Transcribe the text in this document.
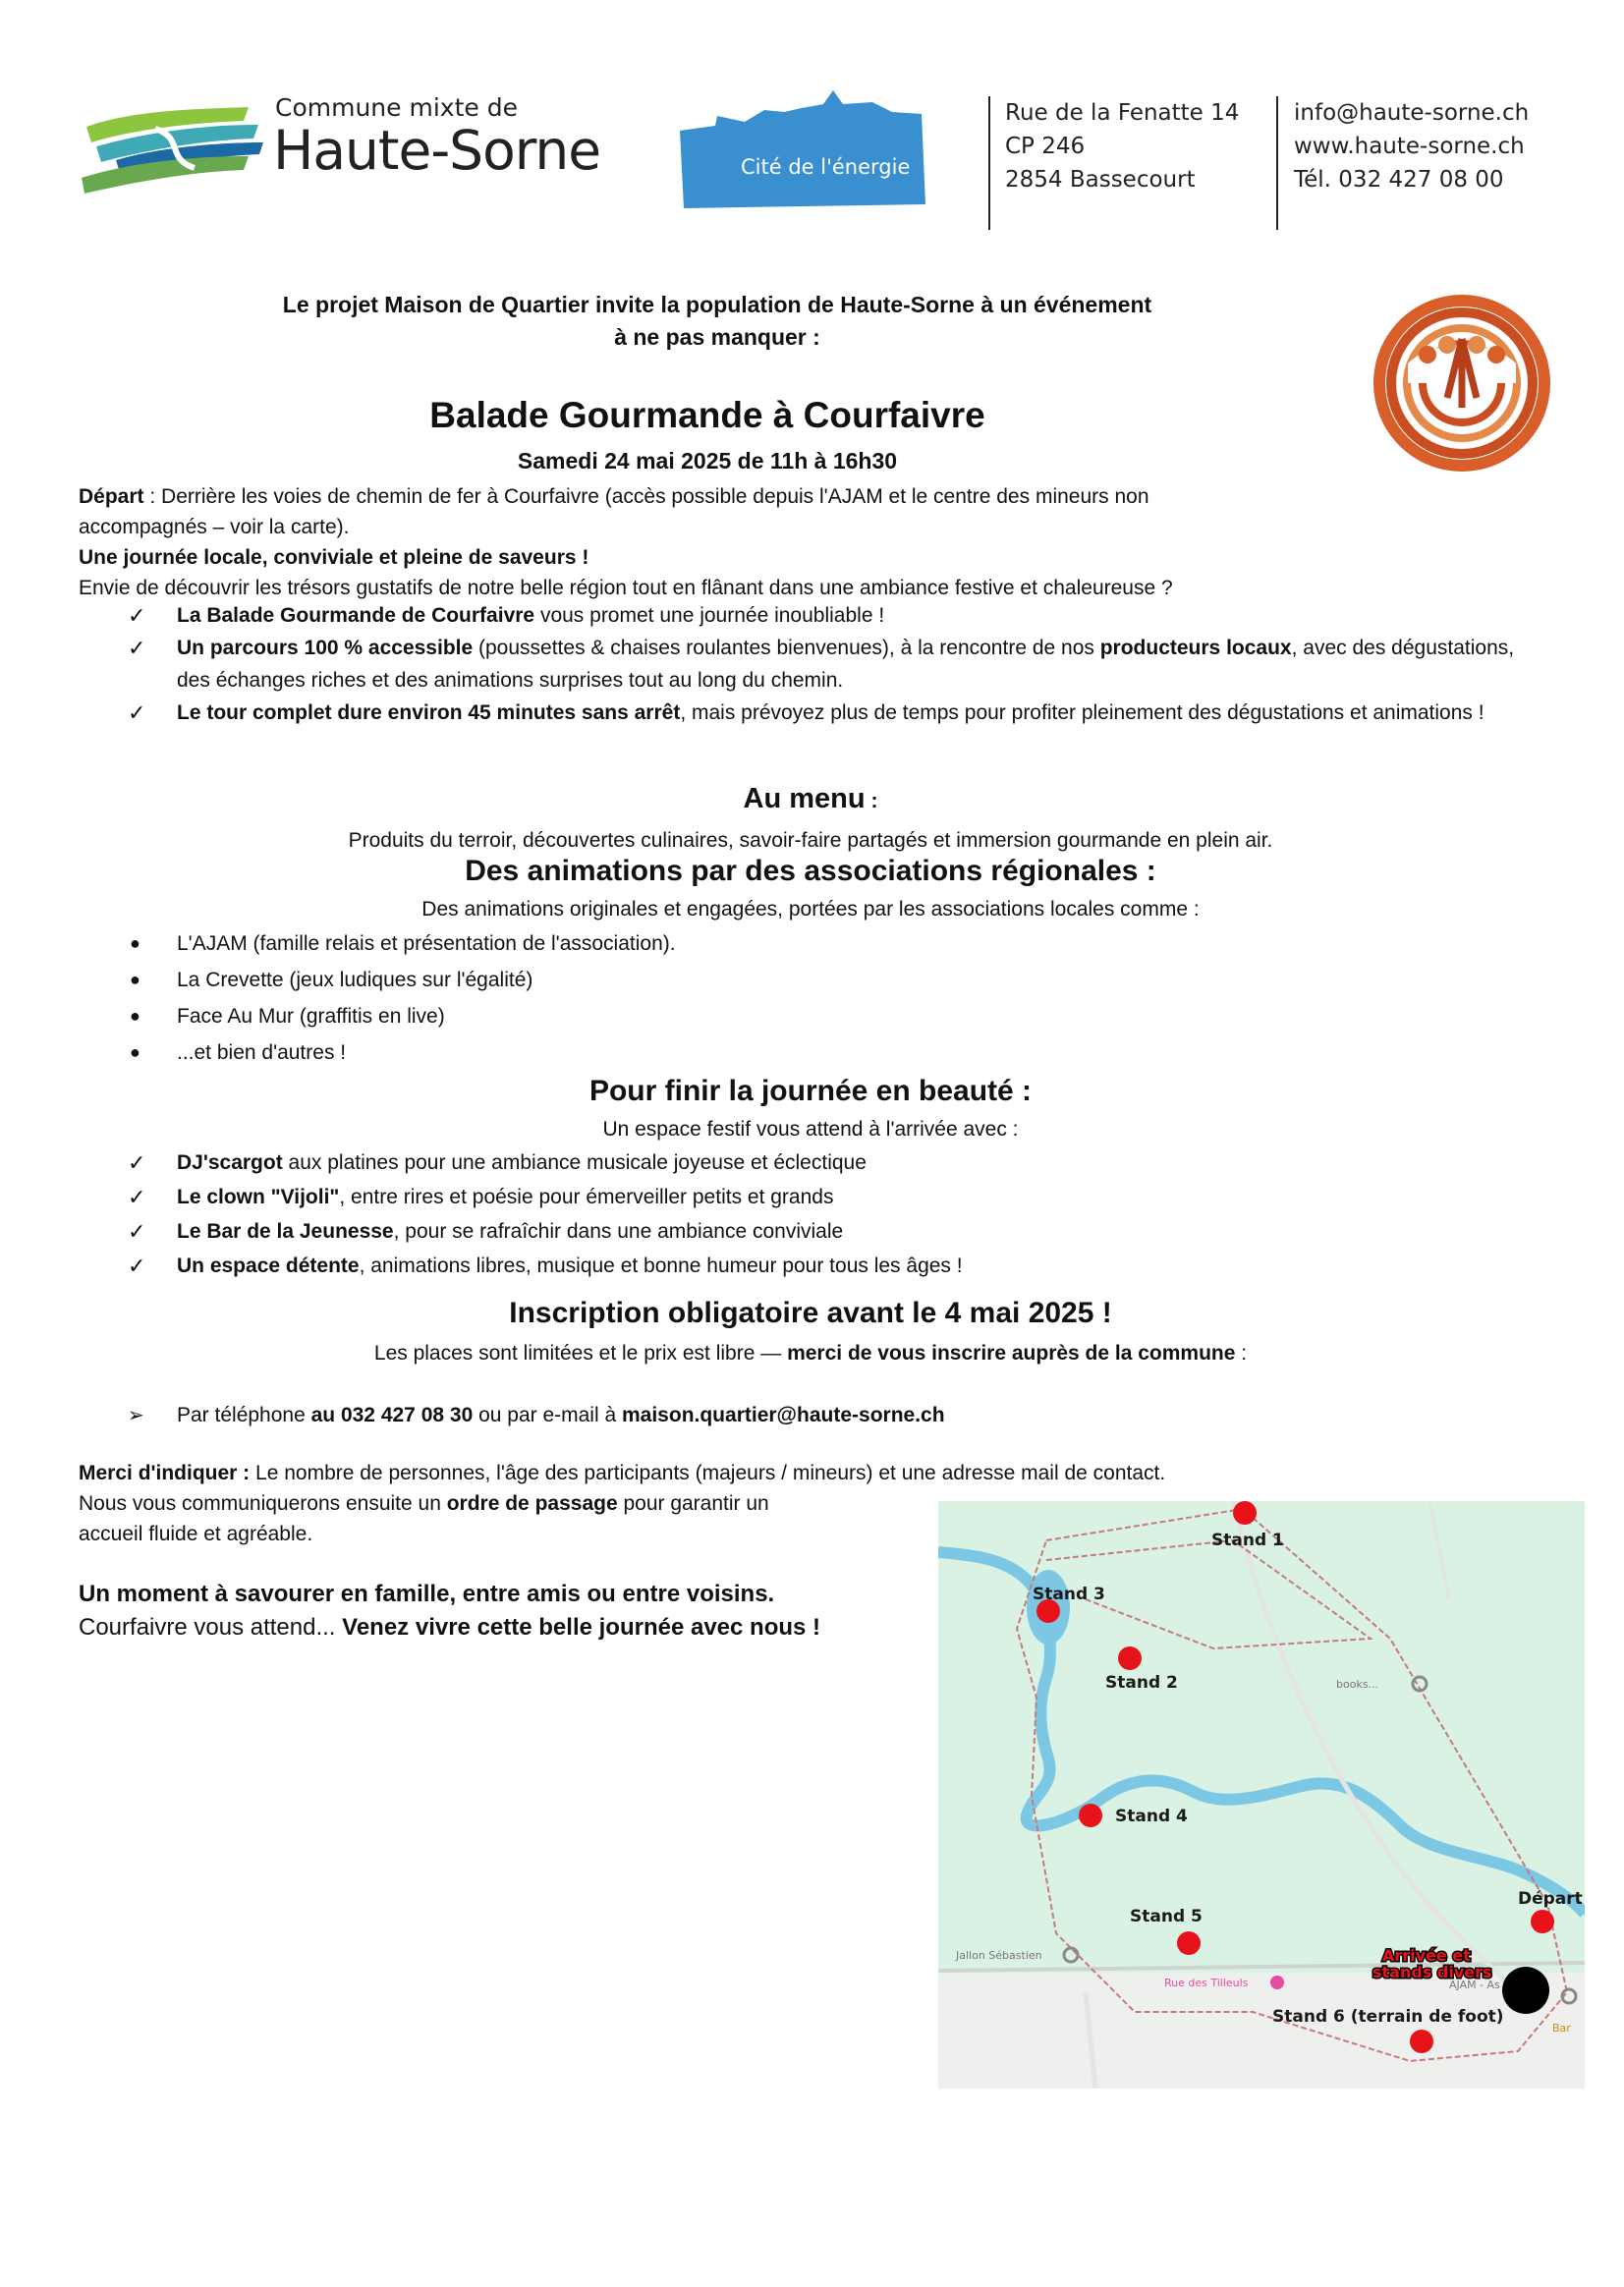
Commune mixte de
Haute-Sorne	Cité de l'énergie
Rue de la Fenatte 14
CP 246
2854 Bassecourt
info@haute-sorne.ch
www.haute-sorne.ch
Tél. 032 427 08 00
Le projet Maison de Quartier invite la population de Haute-Sorne à un événement
à ne pas manquer :
Balade Gourmande à Courfaivre
Samedi 24 mai 2025 de 11h à 16h30
Départ : Derrière les voies de chemin de fer à Courfaivre (accès possible depuis l'AJAM et le centre des mineurs non
accompagnés – voir la carte).
Une journée locale, conviviale et pleine de saveurs !
Envie de découvrir les trésors gustatifs de notre belle région tout en flânant dans une ambiance festive et chaleureuse ?
✓ La Balade Gourmande de Courfaivre vous promet une journée inoubliable !
✓ Un parcours 100 % accessible (poussettes & chaises roulantes bienvenues), à la rencontre de nos producteurs locaux, avec des dégustations, des échanges riches et des animations surprises tout au long du chemin.
✓ Le tour complet dure environ 45 minutes sans arrêt, mais prévoyez plus de temps pour profiter pleinement des dégustations et animations !
Au menu :
Produits du terroir, découvertes culinaires, savoir-faire partagés et immersion gourmande en plein air.
Des animations par des associations régionales :
Des animations originales et engagées, portées par les associations locales comme :
● L'AJAM (famille relais et présentation de l'association).
● La Crevette (jeux ludiques sur l'égalité)
● Face Au Mur (graffitis en live)
● ...et bien d'autres !
Pour finir la journée en beauté :
Un espace festif vous attend à l'arrivée avec :
✓ DJ'scargot aux platines pour une ambiance musicale joyeuse et éclectique
✓ Le clown "Vijoli", entre rires et poésie pour émerveiller petits et grands
✓ Le Bar de la Jeunesse, pour se rafraîchir dans une ambiance conviviale
✓ Un espace détente, animations libres, musique et bonne humeur pour tous les âges !
Inscription obligatoire avant le 4 mai 2025 !
Les places sont limitées et le prix est libre — merci de vous inscrire auprès de la commune :
➢ Par téléphone au 032 427 08 30 ou par e-mail à maison.quartier@haute-sorne.ch
Merci d'indiquer : Le nombre de personnes, l'âge des participants (majeurs / mineurs) et une adresse mail de contact.
Nous vous communiquerons ensuite un ordre de passage pour garantir un
accueil fluide et agréable.
Un moment à savourer en famille, entre amis ou entre voisins.
Courfaivre vous attend... Venez vivre cette belle journée avec nous !
books...
Jallon Sébastien
Rue des Tilleuls	AJAM - As
Bar
Stand 1
Stand 3
Stand 2
Stand 4
Stand 5
Stand 6 (terrain de foot)
Départ
Arrivée et
stands divers
